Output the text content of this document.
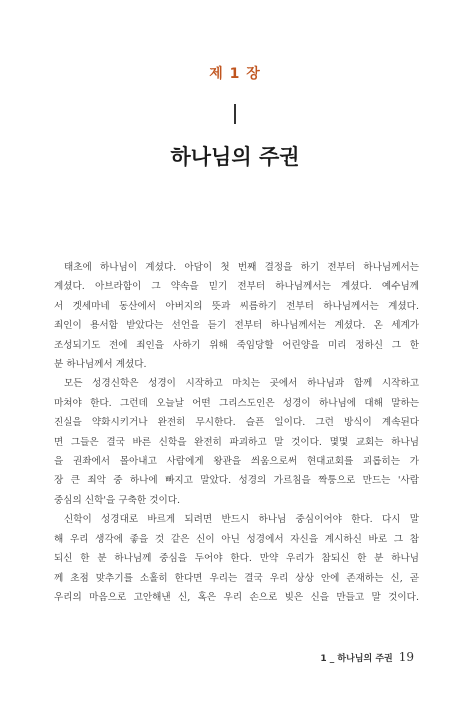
제 1 장
하나님의 주권

태초에 하나님이 계셨다. 아담이 첫 번째 결정을 하기 전부터 하나님께서는

계셨다. 아브라함이 그 약속을 믿기 전부터 하나님께서는 계셨다. 예수님께

서 겟세마네 동산에서 아버지의 뜻과 씨름하기 전부터 하나님께서는 계셨다.

죄인이 용서함 받았다는 선언을 듣기 전부터 하나님께서는 계셨다. 온 세계가

조성되기도 전에 죄인을 사하기 위해 죽임당할 어린양을 미리 정하신 그 한

분 하나님께서 계셨다.

모든 성경신학은 성경이 시작하고 마치는 곳에서 하나님과 함께 시작하고

마쳐야 한다. 그런데 오늘날 어떤 그리스도인은 성경이 하나님에 대해 말하는

진실을 약화시키거나 완전히 무시한다. 슬픈 일이다. 그런 방식이 계속된다

면 그들은 결국 바른 신학을 완전히 파괴하고 말 것이다. 몇몇 교회는 하나님

을 권좌에서 몰아내고 사람에게 왕관을 씌움으로써 현대교회를 괴롭히는 가

장 큰 죄악 중 하나에 빠지고 말았다. 성경의 가르침을 짝퉁으로 만드는 '사람

중심의 신학'을 구축한 것이다.

신학이 성경대로 바르게 되려면 반드시 하나님 중심이어야 한다. 다시 말

해 우리 생각에 좋을 것 같은 신이 아닌 성경에서 자신을 계시하신 바로 그 참

되신 한 분 하나님께 중심을 두어야 한다. 만약 우리가 참되신 한 분 하나님

께 초점 맞추기를 소홀히 한다면 우리는 결국 우리 상상 안에 존재하는 신, 곧

우리의 마음으로 고안해낸 신, 혹은 우리 손으로 빚은 신을 만들고 말 것이다.

1 _ 하나님의 주권 19
